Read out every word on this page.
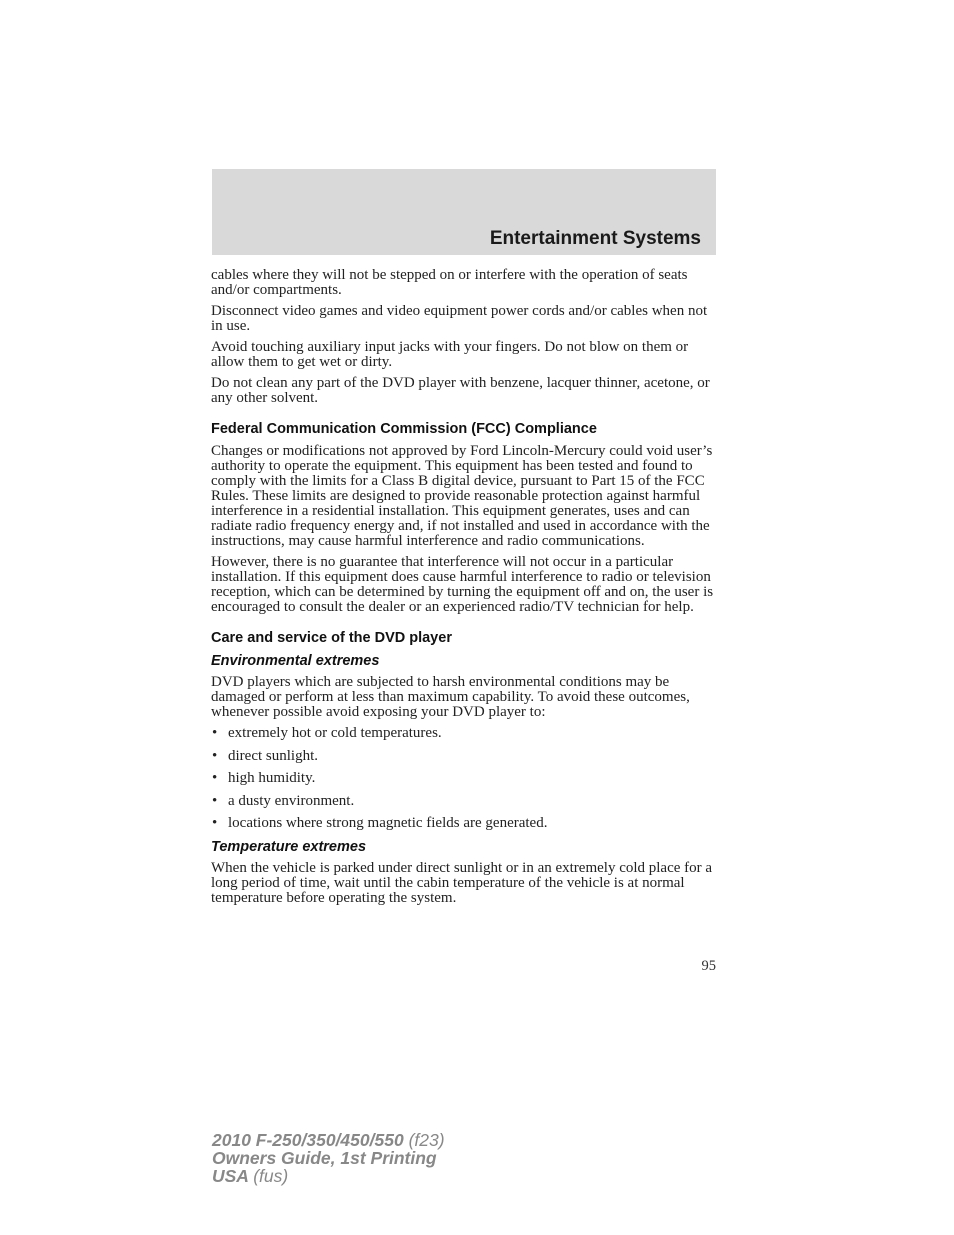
Entertainment Systems

cables where they will not be stepped on or interfere with the operation of seats and/or compartments.

Disconnect video games and video equipment power cords and/or cables when not in use.

Avoid touching auxiliary input jacks with your fingers. Do not blow on them or allow them to get wet or dirty.

Do not clean any part of the DVD player with benzene, lacquer thinner, acetone, or any other solvent.

Federal Communication Commission (FCC) Compliance

Changes or modifications not approved by Ford Lincoln-Mercury could void user’s authority to operate the equipment. This equipment has been tested and found to comply with the limits for a Class B digital device, pursuant to Part 15 of the FCC Rules. These limits are designed to provide reasonable protection against harmful interference in a residential installation. This equipment generates, uses and can radiate radio frequency energy and, if not installed and used in accordance with the instructions, may cause harmful interference and radio communications.

However, there is no guarantee that interference will not occur in a particular installation. If this equipment does cause harmful interference to radio or television reception, which can be determined by turning the equipment off and on, the user is encouraged to consult the dealer or an experienced radio/TV technician for help.

Care and service of the DVD player
Environmental extremes

DVD players which are subjected to harsh environmental conditions may be damaged or perform at less than maximum capability. To avoid these outcomes, whenever possible avoid exposing your DVD player to:

• extremely hot or cold temperatures.
• direct sunlight.
• high humidity.
• a dusty environment.
• locations where strong magnetic fields are generated.
Temperature extremes

When the vehicle is parked under direct sunlight or in an extremely cold place for a long period of time, wait until the cabin temperature of the vehicle is at normal temperature before operating the system.

95
2010 F-250/350/450/550 (f23)
Owners Guide, 1st Printing
USA (fus)
